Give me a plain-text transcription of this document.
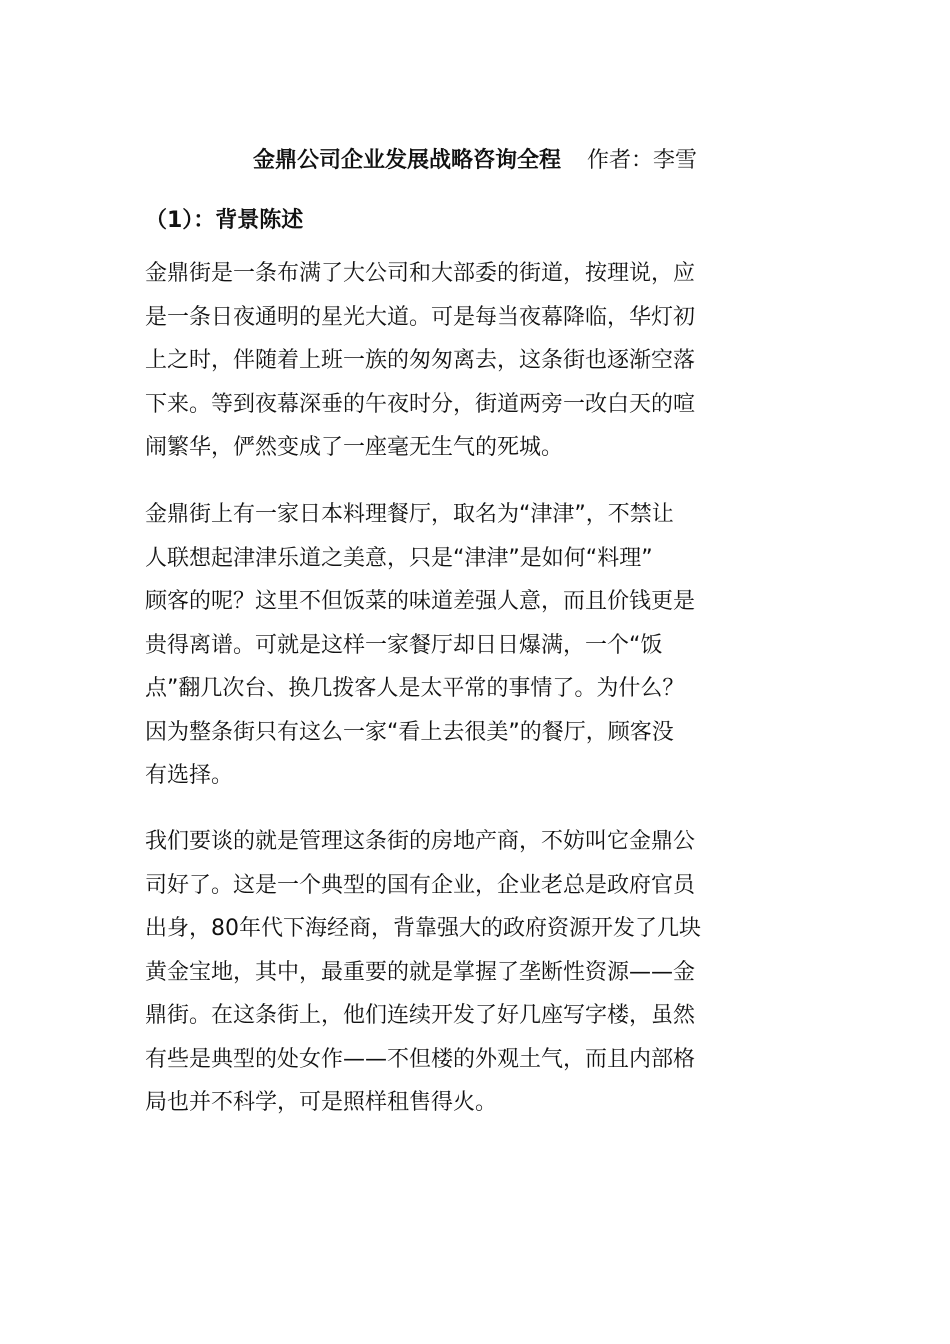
金鼎公司企业发展战略咨询全程 作者：李雪
（1）：背景陈述
金鼎街是一条布满了大公司和大部委的街道，按理说，应
是一条日夜通明的星光大道。可是每当夜幕降临，华灯初
上之时，伴随着上班一族的匆匆离去，这条街也逐渐空落
下来。等到夜幕深垂的午夜时分，街道两旁一改白天的喧
闹繁华，俨然变成了一座毫无生气的死城。
金鼎街上有一家日本料理餐厅，取名为“津津”，不禁让
人联想起津津乐道之美意，只是“津津”是如何“料理”
顾客的呢？这里不但饭菜的味道差强人意，而且价钱更是
贵得离谱。可就是这样一家餐厅却日日爆满，一个“饭
点”翻几次台、换几拨客人是太平常的事情了。为什么？
因为整条街只有这么一家“看上去很美”的餐厅，顾客没
有选择。
我们要谈的就是管理这条街的房地产商，不妨叫它金鼎公
司好了。这是一个典型的国有企业，企业老总是政府官员
出身，80年代下海经商，背靠强大的政府资源开发了几块
黄金宝地，其中，最重要的就是掌握了垄断性资源——金
鼎街。在这条街上，他们连续开发了好几座写字楼，虽然
有些是典型的处女作——不但楼的外观土气，而且内部格
局也并不科学，可是照样租售得火。
